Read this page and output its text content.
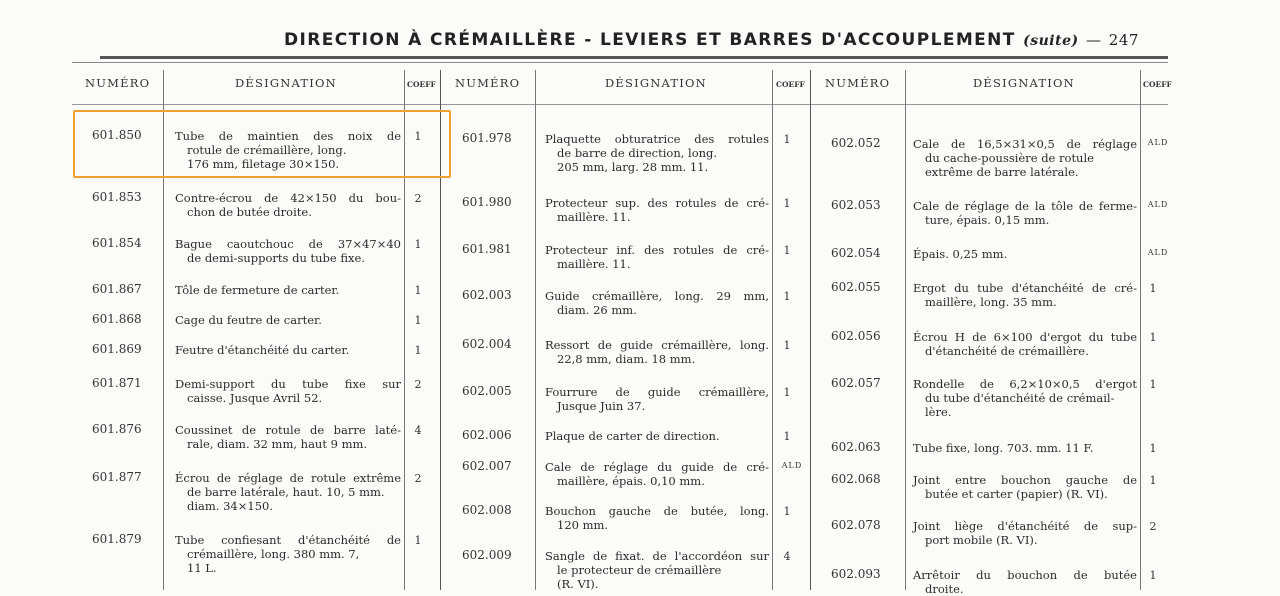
DIRECTION À CRÉMAILLÈRE - LEVIERS ET BARRES D'ACCOUPLEMENT (suite) — 247
NUMÉRO	DÉSIGNATION	COEFF NUMÉRO	DÉSIGNATION	COEFF NUMÉRO	DÉSIGNATION	COEFF
601.850	Tube de maintien des noix de
rotule de crémaillère, long.
176 mm, filetage 30×150.
1
601.853	Contre-écrou de 42×150 du bou-
chon de butée droite.
2
601.854	Bague caoutchouc de 37×47×40
de demi-supports du tube fixe.
1
601.867	Tôle de fermeture de carter.	1
601.868	Cage du feutre de carter.	1
601.869	Feutre d'étanchéité du carter.	1
601.871	Demi-support du tube fixe sur
caisse. Jusque Avril 52.
2
601.876	Coussinet de rotule de barre laté-
rale, diam. 32 mm, haut 9 mm.
4
601.877	Écrou de réglage de rotule extrême
de barre latérale, haut. 10, 5 mm.
diam. 34×150.
2
601.879	Tube confiesant d'étanchéité de
crémaillère, long. 380 mm. 7,
11 L.
1
601.978	Plaquette obturatrice des rotules
de barre de direction, long.
205 mm, larg. 28 mm. 11.
1
601.980	Protecteur sup. des rotules de cré-
maillère. 11.
1
601.981	Protecteur inf. des rotules de cré-
maillère. 11.
1
602.003	Guide crémaillère, long. 29 mm,
diam. 26 mm.
1
602.004	Ressort de guide crémaillère, long.
22,8 mm, diam. 18 mm.
1
602.005	Fourrure de guide crémaillère,
Jusque Juin 37.
1
602.006	Plaque de carter de direction.	1
602.007	Cale de réglage du guide de cré-
maillère, épais. 0,10 mm.
ALD
602.008	Bouchon gauche de butée, long.
120 mm.
1
602.009	Sangle de fixat. de l'accordéon sur
le protecteur de crémaillère
(R. VI).
4
602.052	Cale de 16,5×31×0,5 de réglage
du cache-poussière de rotule
extrême de barre latérale.
ALD
602.053	Cale de réglage de la tôle de ferme-
ture, épais. 0,15 mm.
ALD
602.054	Épais. 0,25 mm.	ALD
602.055	Ergot du tube d'étanchéité de cré-
maillère, long. 35 mm.
1
602.056	Écrou H de 6×100 d'ergot du tube
d'étanchéité de crémaillère.
1
602.057	Rondelle de 6,2×10×0,5 d'ergot
du tube d'étanchéité de crémail-
lère.
1
602.063	Tube fixe, long. 703. mm. 11 F.	1
602.068	Joint entre bouchon gauche de
butée et carter (papier) (R. VI).
1
602.078	Joint liège d'étanchéité de sup-
port mobile (R. VI).
2
602.093	Arrêtoir du bouchon de butée
droite.
1
